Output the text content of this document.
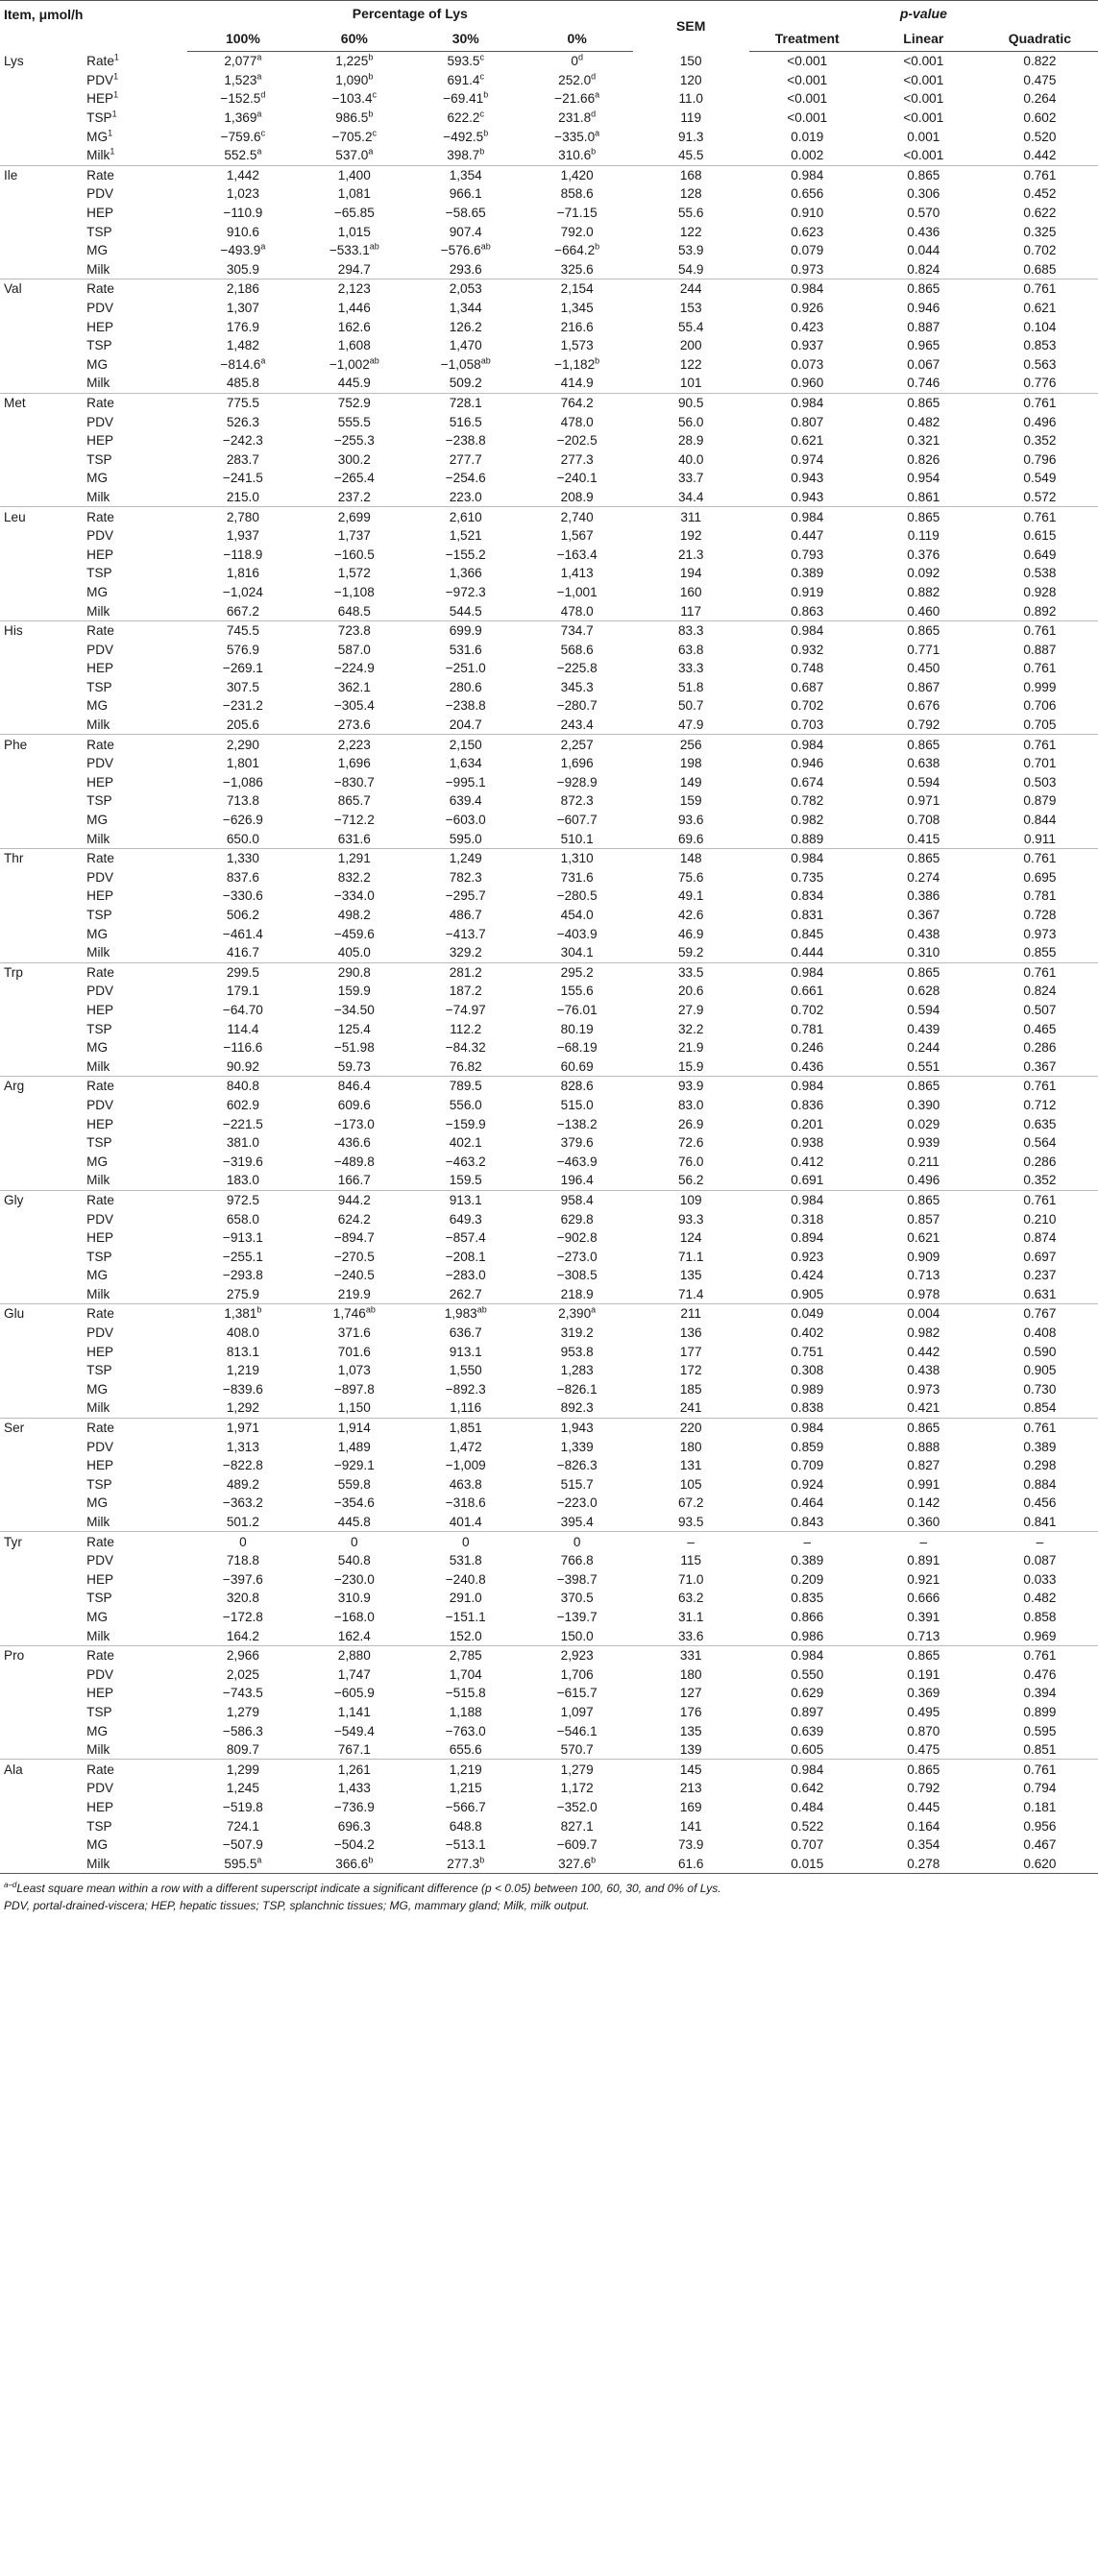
Item, μmol/h		Percentage of Lys				SEM	p-value		
		100%	60%	30%	0%		Treatment	Linear	Quadratic
Lys	Rate$^1$	2,077$^a$	1,225$^b$	593.5$^c$	0$^d$	150	<0.001	<0.001	0.822
	PDV$^1$	1,523$^a$	1,090$^b$	691.4$^c$	252.0$^d$	120	<0.001	<0.001	0.475
	$HEP^1$	−152.5$^d$	−103.4$^c$	−69.41$^b$	−21.66$^a$	11.0	<0.001	<0.001	0.264
	TSP$^1$	1,369$^a$	986.5$^b$	622.2$^c$	231.8$^d$	119	<0.001	<0.001	0.602
	$MG^1$	−759.6$^c$	−705.2$^c$	−492.5$^b$	−335.0$^a$	91.3	0.019	0.001	0.520
	Milk$^1$	552.5$^a$	537.0$^a$	398.7$^b$	310.6$^b$	45.5	0.002	<0.001	0.442
Ile	Rate	1,442	1,400	1,354	1,420	168	0.984	0.865	0.761
	PDV	1,023	1,081	966.1	858.6	128	0.656	0.306	0.452
	HEP	−110.9	−65.85	−58.65	−71.15	55.6	0.910	0.570	0.622
	TSP	910.6	1,015	907.4	792.0	122	0.623	0.436	0.325
	MG	−493.9$^a$	−533.1$^{ab}$	−576.6$^{ab}$	−664.2$^b$	53.9	0.079	0.044	0.702
	Milk	305.9	294.7	293.6	325.6	54.9	0.973	0.824	0.685
Val	Rate	2,186	2,123	2,053	2,154	244	0.984	0.865	0.761
	PDV	1,307	1,446	1,344	1,345	153	0.926	0.946	0.621
	HEP	176.9	162.6	126.2	216.6	55.4	0.423	0.887	0.104
	TSP	1,482	1,608	1,470	1,573	200	0.937	0.965	0.853
	MG	−814.6$^a$	−1,002$^{ab}$	−1,058$^{ab}$	−1,182$^b$	122	0.073	0.067	0.563
	Milk	485.8	445.9	509.2	414.9	101	0.960	0.746	0.776
Met	Rate	775.5	752.9	728.1	764.2	90.5	0.984	0.865	0.761
	PDV	526.3	555.5	516.5	478.0	56.0	0.807	0.482	0.496
	HEP	−242.3	−255.3	−238.8	−202.5	28.9	0.621	0.321	0.352
	TSP	283.7	300.2	277.7	277.3	40.0	0.974	0.826	0.796
	MG	−241.5	−265.4	−254.6	−240.1	33.7	0.943	0.954	0.549
	Milk	215.0	237.2	223.0	208.9	34.4	0.943	0.861	0.572
Leu	Rate	2,780	2,699	2,610	2,740	311	0.984	0.865	0.761
	PDV	1,937	1,737	1,521	1,567	192	0.447	0.119	0.615
	HEP	−118.9	−160.5	−155.2	−163.4	21.3	0.793	0.376	0.649
	TSP	1,816	1,572	1,366	1,413	194	0.389	0.092	0.538
	MG	−1,024	−1,108	−972.3	−1,001	160	0.919	0.882	0.928
	Milk	667.2	648.5	544.5	478.0	117	0.863	0.460	0.892
His	Rate	745.5	723.8	699.9	734.7	83.3	0.984	0.865	0.761
	PDV	576.9	587.0	531.6	568.6	63.8	0.932	0.771	0.887
	HEP	−269.1	−224.9	−251.0	−225.8	33.3	0.748	0.450	0.761
	TSP	307.5	362.1	280.6	345.3	51.8	0.687	0.867	0.999
	MG	−231.2	−305.4	−238.8	−280.7	50.7	0.702	0.676	0.706
	Milk	205.6	273.6	204.7	243.4	47.9	0.703	0.792	0.705
Phe	Rate	2,290	2,223	2,150	2,257	256	0.984	0.865	0.761
	PDV	1,801	1,696	1,634	1,696	198	0.946	0.638	0.701
	HEP	−1,086	−830.7	−995.1	−928.9	149	0.674	0.594	0.503
	TSP	713.8	865.7	639.4	872.3	159	0.782	0.971	0.879
	MG	−626.9	−712.2	−603.0	−607.7	93.6	0.982	0.708	0.844
	Milk	650.0	631.6	595.0	510.1	69.6	0.889	0.415	0.911
Thr	Rate	1,330	1,291	1,249	1,310	148	0.984	0.865	0.761
	PDV	837.6	832.2	782.3	731.6	75.6	0.735	0.274	0.695
	HEP	−330.6	−334.0	−295.7	−280.5	49.1	0.834	0.386	0.781
	TSP	506.2	498.2	486.7	454.0	42.6	0.831	0.367	0.728
	MG	−461.4	−459.6	−413.7	−403.9	46.9	0.845	0.438	0.973
	Milk	416.7	405.0	329.2	304.1	59.2	0.444	0.310	0.855
Trp	Rate	299.5	290.8	281.2	295.2	33.5	0.984	0.865	0.761
	PDV	179.1	159.9	187.2	155.6	20.6	0.661	0.628	0.824
	HEP	−64.70	−34.50	−74.97	−76.01	27.9	0.702	0.594	0.507
	TSP	114.4	125.4	112.2	80.19	32.2	0.781	0.439	0.465
	MG	−116.6	−51.98	−84.32	−68.19	21.9	0.246	0.244	0.286
	Milk	90.92	59.73	76.82	60.69	15.9	0.436	0.551	0.367
Arg	Rate	840.8	846.4	789.5	828.6	93.9	0.984	0.865	0.761
	PDV	602.9	609.6	556.0	515.0	83.0	0.836	0.390	0.712
	HEP	−221.5	−173.0	−159.9	−138.2	26.9	0.201	0.029	0.635
	TSP	381.0	436.6	402.1	379.6	72.6	0.938	0.939	0.564
	MG	−319.6	−489.8	−463.2	−463.9	76.0	0.412	0.211	0.286
	Milk	183.0	166.7	159.5	196.4	56.2	0.691	0.496	0.352
Gly	Rate	972.5	944.2	913.1	958.4	109	0.984	0.865	0.761
	PDV	658.0	624.2	649.3	629.8	93.3	0.318	0.857	0.210
	HEP	−913.1	−894.7	−857.4	−902.8	124	0.894	0.621	0.874
	TSP	−255.1	−270.5	−208.1	−273.0	71.1	0.923	0.909	0.697
	MG	−293.8	−240.5	−283.0	−308.5	135	0.424	0.713	0.237
	Milk	275.9	219.9	262.7	218.9	71.4	0.905	0.978	0.631
Glu	Rate	1,381$^b$	1,746$^{ab}$	1,983$^{ab}$	2,390$^a$	211	0.049	0.004	0.767
	PDV	408.0	371.6	636.7	319.2	136	0.402	0.982	0.408
	HEP	813.1	701.6	913.1	953.8	177	0.751	0.442	0.590
	TSP	1,219	1,073	1,550	1,283	172	0.308	0.438	0.905
	MG	−839.6	−897.8	−892.3	−826.1	185	0.989	0.973	0.730
	Milk	1,292	1,150	1,116	892.3	241	0.838	0.421	0.854
Ser	Rate	1,971	1,914	1,851	1,943	220	0.984	0.865	0.761
	PDV	1,313	1,489	1,472	1,339	180	0.859	0.888	0.389
	HEP	−822.8	−929.1	−1,009	−826.3	131	0.709	0.827	0.298
	TSP	489.2	559.8	463.8	515.7	105	0.924	0.991	0.884
	MG	−363.2	−354.6	−318.6	−223.0	67.2	0.464	0.142	0.456
	Milk	501.2	445.8	401.4	395.4	93.5	0.843	0.360	0.841
Tyr	Rate	0	0	0	0	–	–	–	–
	PDV	718.8	540.8	531.8	766.8	115	0.389	0.891	0.087
	HEP	−397.6	−230.0	−240.8	−398.7	71.0	0.209	0.921	0.033
	TSP	320.8	310.9	291.0	370.5	63.2	0.835	0.666	0.482
	MG	−172.8	−168.0	−151.1	−139.7	31.1	0.866	0.391	0.858
	Milk	164.2	162.4	152.0	150.0	33.6	0.986	0.713	0.969
Pro	Rate	2,966	2,880	2,785	2,923	331	0.984	0.865	0.761
	PDV	2,025	1,747	1,704	1,706	180	0.550	0.191	0.476
	HEP	−743.5	−605.9	−515.8	−615.7	127	0.629	0.369	0.394
	TSP	1,279	1,141	1,188	1,097	176	0.897	0.495	0.899
	MG	−586.3	−549.4	−763.0	−546.1	135	0.639	0.870	0.595
	Milk	809.7	767.1	655.6	570.7	139	0.605	0.475	0.851
Ala	Rate	1,299	1,261	1,219	1,279	145	0.984	0.865	0.761
	PDV	1,245	1,433	1,215	1,172	213	0.642	0.792	0.794
	HEP	−519.8	−736.9	−566.7	−352.0	169	0.484	0.445	0.181
	TSP	724.1	696.3	648.8	827.1	141	0.522	0.164	0.956
	MG	−507.9	−504.2	−513.1	−609.7	73.9	0.707	0.354	0.467
	Milk	595.5$^a$	366.6$^b$	277.3$^b$	327.6$^b$	61.6	0.015	0.278	0.620
$^{a-d}$Least square mean within a row with a different superscript indicate a significant difference (p < 0.05) between 100, 60, 30, and 0% of Lys.
PDV, portal-drained-viscera; HEP, hepatic tissues; TSP, splanchnic tissues; MG, mammary gland; Milk, milk output.
